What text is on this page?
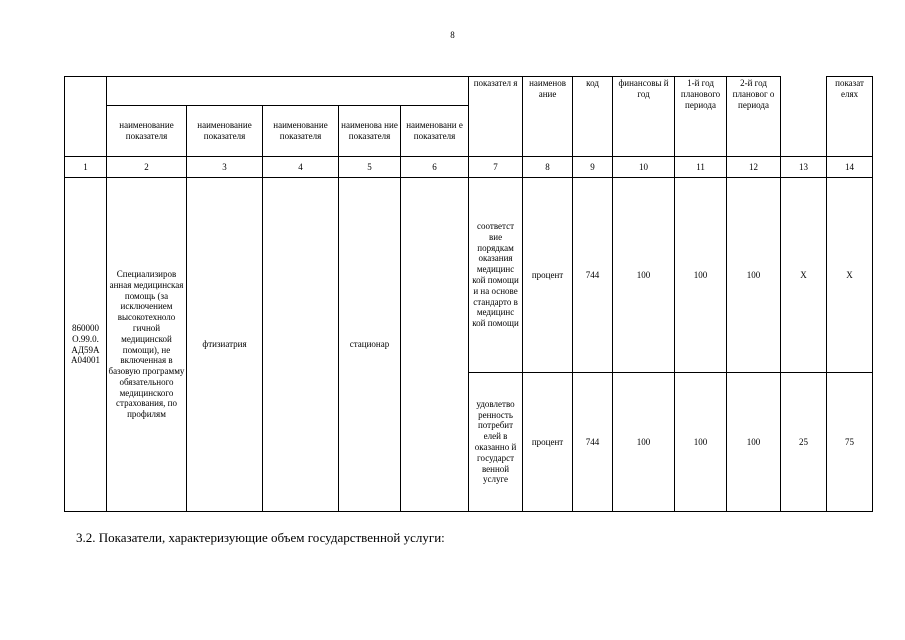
8
						показател я	наименов ание	код	финансовы й год	1-й год планового периода	2-й год плановог о периода		показат елях
	наименование показателя	наименование показателя	наименование показателя	наименова ние показателя	наименовани е показателя								
1	2	3	4	5	6	7	8	9	10	11	12	13	14
860000 О.99.0. АД59А А04001	Специализиров анная медицинская помощь (за исключением высокотехноло гичной медицинской помощи), не включенная в базовую программу обязательного медицинского страхования, по профилям	фтизиатрия		стационар		соответст вие порядкам оказания медицинс кой помощи и на основе стандарто в медицинс кой помощи	процент	744	100	100	100	Х	Х
						удовлетво ренность потребит елей в оказанно й государст венной услуге	процент	744	100	100	100	25	75
3.2. Показатели, характеризующие объем государственной услуги:
